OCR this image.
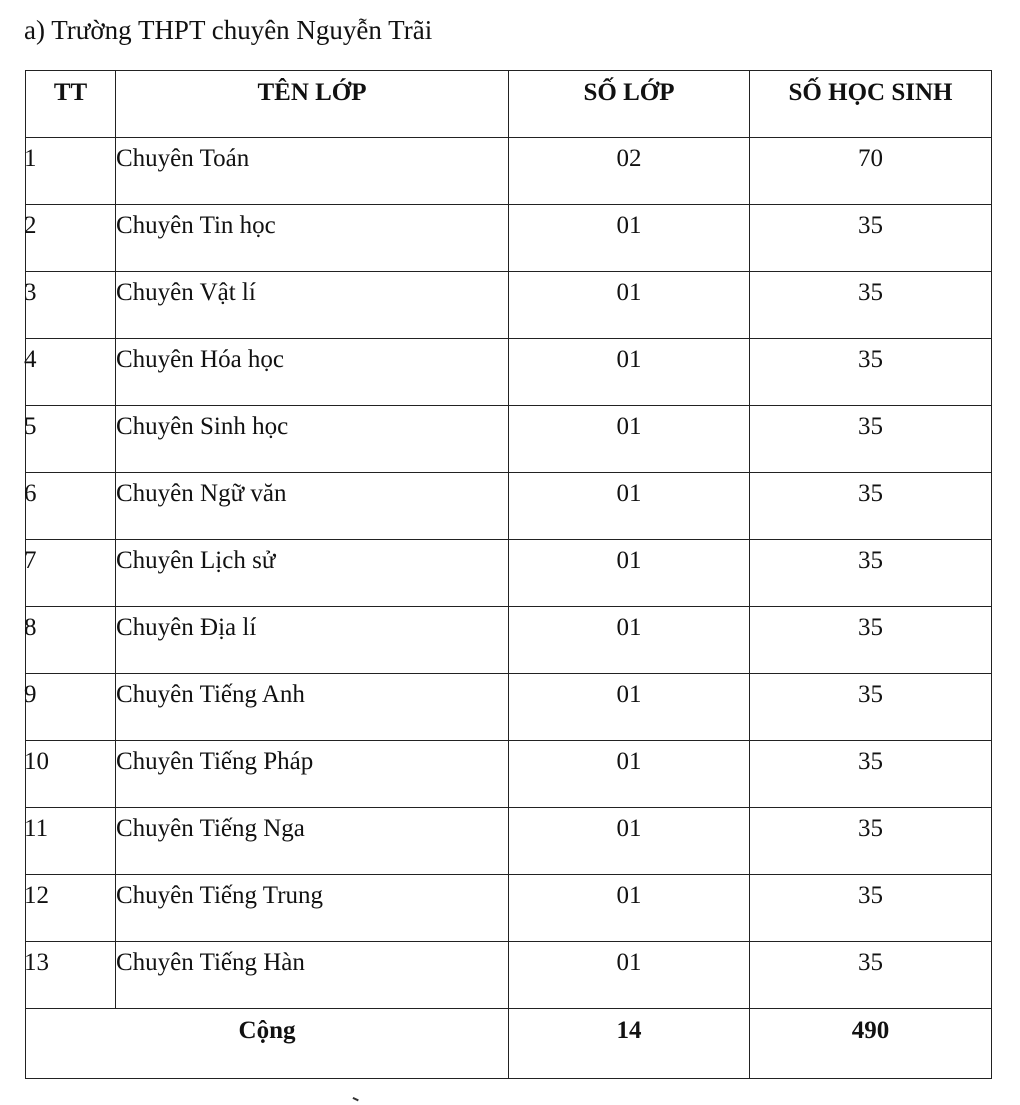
a) Trường THPT chuyên Nguyễn Trãi
TT	TÊN LỚP	SỐ LỚP	SỐ HỌC SINH
1	Chuyên Toán	02	70
2	Chuyên Tin học	01	35
3	Chuyên Vật lí	01	35
4	Chuyên Hóa học	01	35
5	Chuyên Sinh học	01	35
6	Chuyên Ngữ văn	01	35
7	Chuyên Lịch sử	01	35
8	Chuyên Địa lí	01	35
9	Chuyên Tiếng Anh	01	35
10	Chuyên Tiếng Pháp	01	35
11	Chuyên Tiếng Nga	01	35
12	Chuyên Tiếng Trung	01	35
13	Chuyên Tiếng Hàn	01	35
Cộng		14	490
